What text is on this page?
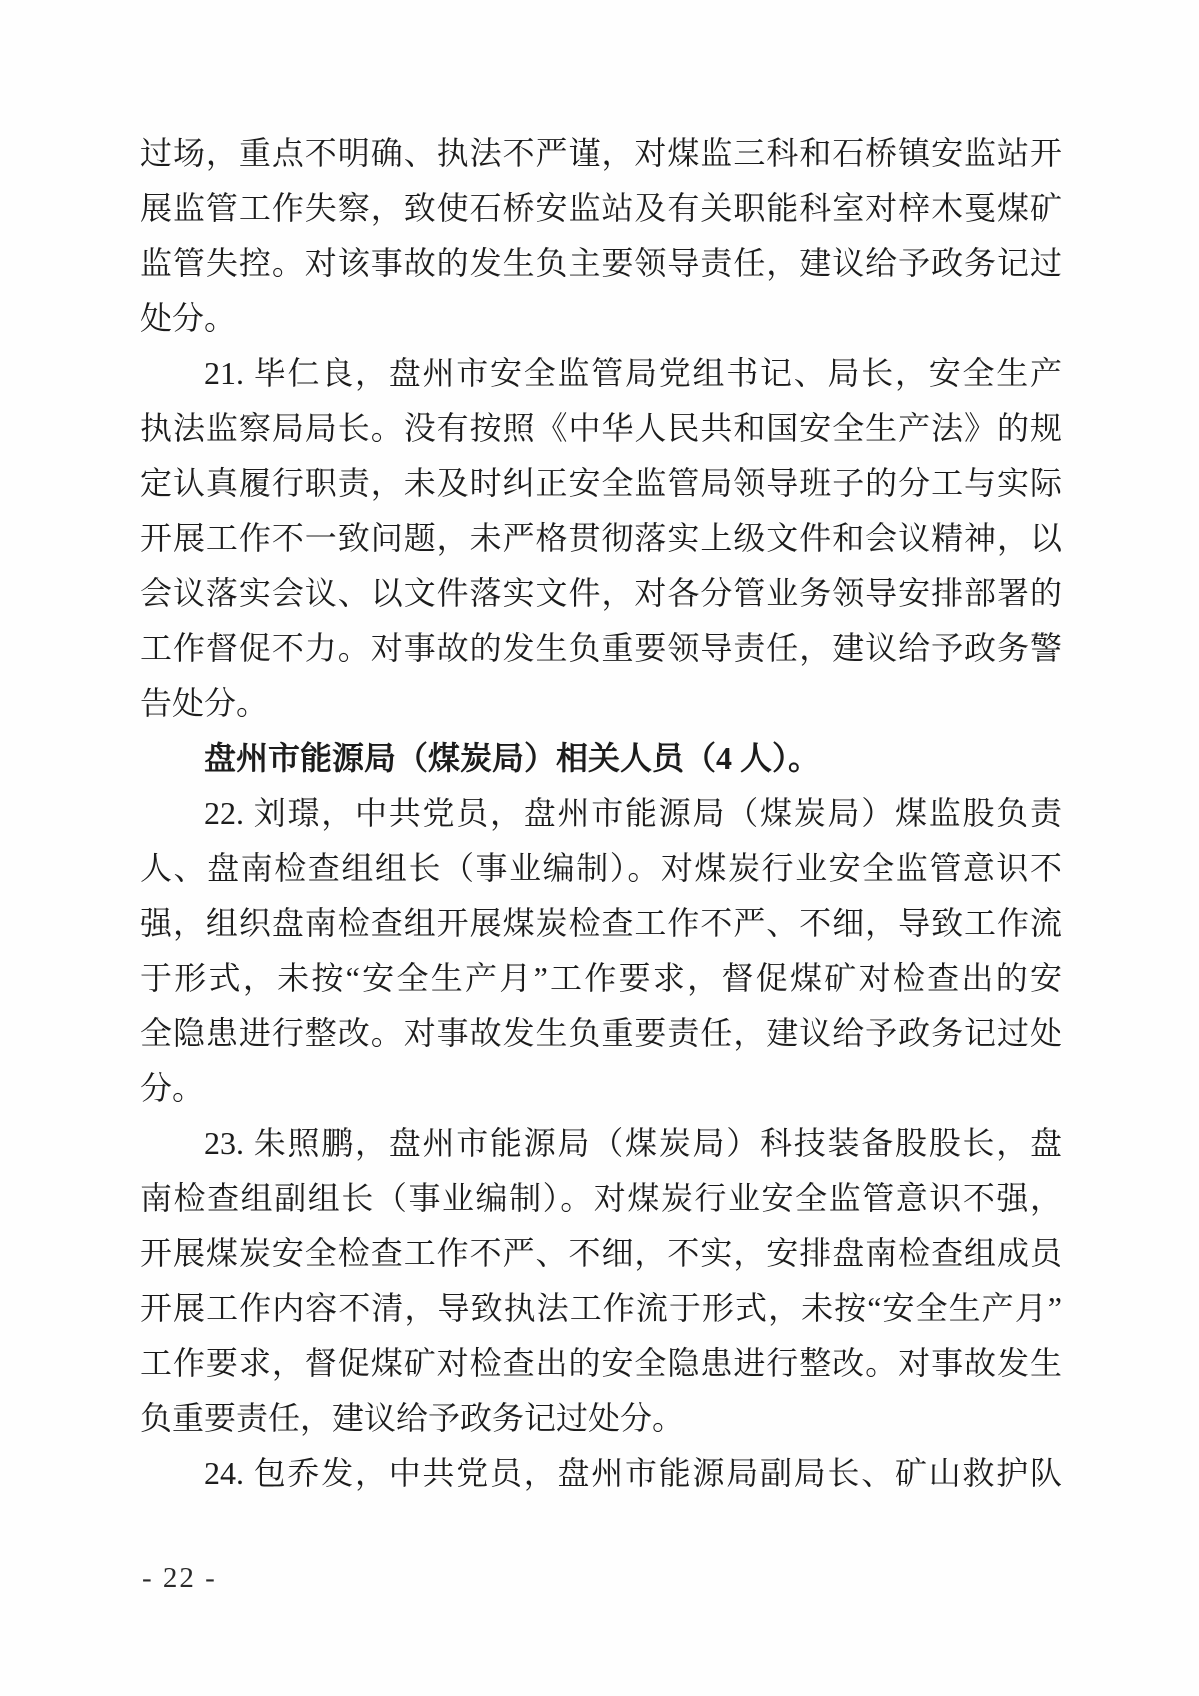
过场，重点不明确、执法不严谨，对煤监三科和石桥镇安监站开
展监管工作失察，致使石桥安监站及有关职能科室对梓木戛煤矿
监管失控。对该事故的发生负主要领导责任，建议给予政务记过
处分。
21. 毕仁良，盘州市安全监管局党组书记、局长，安全生产
执法监察局局长。没有按照《中华人民共和国安全生产法》的规
定认真履行职责，未及时纠正安全监管局领导班子的分工与实际
开展工作不一致问题，未严格贯彻落实上级文件和会议精神，以
会议落实会议、以文件落实文件，对各分管业务领导安排部署的
工作督促不力。对事故的发生负重要领导责任，建议给予政务警
告处分。
盘州市能源局（煤炭局）相关人员（4 人）。
22. 刘璟，中共党员，盘州市能源局（煤炭局）煤监股负责
人、盘南检查组组长（事业编制）。对煤炭行业安全监管意识不
强，组织盘南检查组开展煤炭检查工作不严、不细，导致工作流
于形式，未按“安全生产月”工作要求，督促煤矿对检查出的安
全隐患进行整改。对事故发生负重要责任，建议给予政务记过处
分。
23. 朱照鹏，盘州市能源局（煤炭局）科技装备股股长，盘
南检查组副组长（事业编制）。对煤炭行业安全监管意识不强，
开展煤炭安全检查工作不严、不细，不实，安排盘南检查组成员
开展工作内容不清，导致执法工作流于形式，未按“安全生产月”
工作要求，督促煤矿对检查出的安全隐患进行整改。对事故发生
负重要责任，建议给予政务记过处分。
24. 包乔发，中共党员，盘州市能源局副局长、矿山救护队
- 22 -
